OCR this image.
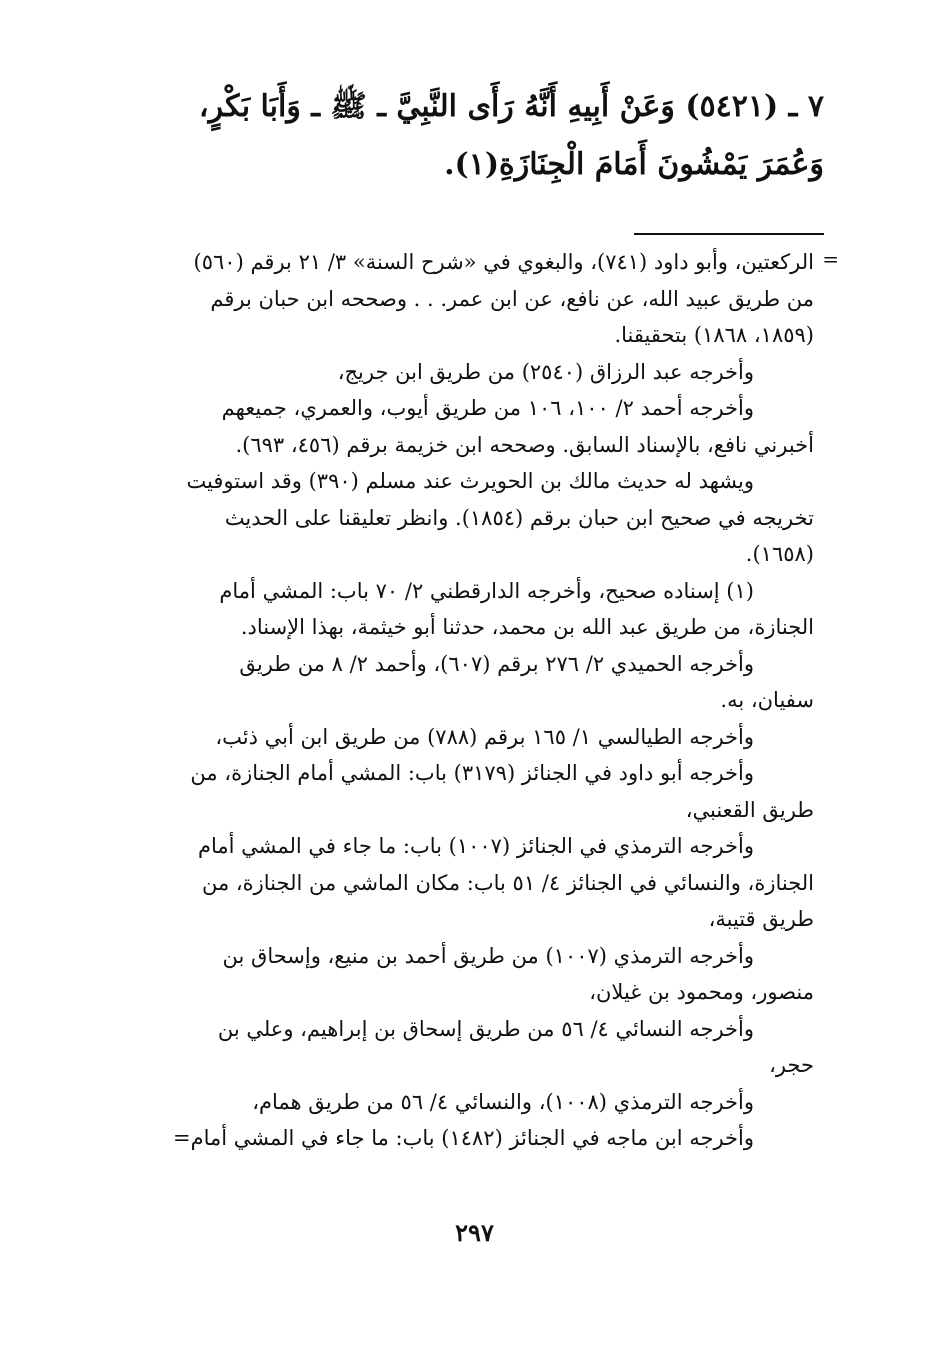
٧ ـ (٥٤٢١) وَعَنْ أَبِيهِ أَنَّهُ رَأَى النَّبِيَّ ـ ﷺ ـ وَأَبَا بَكْرٍ،
وَعُمَرَ يَمْشُونَ أَمَامَ الْجِنَازَةِ(١).
=
الركعتين، وأبو داود (٧٤١)، والبغوي في «شرح السنة» ٣/ ٢١ برقم (٥٦٠)
من طريق عبيد الله، عن نافع، عن ابن عمر. . . وصححه ابن حبان برقم
(١٨٥٩، ١٨٦٨) بتحقيقنا.
وأخرجه عبد الرزاق (٢٥٤٠) من طريق ابن جريج،
وأخرجه أحمد ٢/ ١٠٠، ١٠٦ من طريق أيوب، والعمري، جميعهم
أخبرني نافع، بالإسناد السابق. وصححه ابن خزيمة برقم (٤٥٦، ٦٩٣).
ويشهد له حديث مالك بن الحويرث عند مسلم (٣٩٠) وقد استوفيت
تخريجه في صحيح ابن حبان برقم (١٨٥٤). وانظر تعليقنا على الحديث
(١٦٥٨).
(١) إسناده صحيح، وأخرجه الدارقطني ٢/ ٧٠ باب: المشي أمام
الجنازة، من طريق عبد الله بن محمد، حدثنا أبو خيثمة، بهذا الإسناد.
وأخرجه الحميدي ٢/ ٢٧٦ برقم (٦٠٧)، وأحمد ٢/ ٨ من طريق
سفيان، به.
وأخرجه الطيالسي ١/ ١٦٥ برقم (٧٨٨) من طريق ابن أبي ذئب،
وأخرجه أبو داود في الجنائز (٣١٧٩) باب: المشي أمام الجنازة، من
طريق القعنبي،
وأخرجه الترمذي في الجنائز (١٠٠٧) باب: ما جاء في المشي أمام
الجنازة، والنسائي في الجنائز ٤/ ٥١ باب: مكان الماشي من الجنازة، من
طريق قتيبة،
وأخرجه الترمذي (١٠٠٧) من طريق أحمد بن منيع، وإسحاق بن
منصور، ومحمود بن غيلان،
وأخرجه النسائي ٤/ ٥٦ من طريق إسحاق بن إبراهيم، وعلي بن
حجر،
وأخرجه الترمذي (١٠٠٨)، والنسائي ٤/ ٥٦ من طريق همام،
وأخرجه ابن ماجه في الجنائز (١٤٨٢) باب: ما جاء في المشي أمام=
٢٩٧
